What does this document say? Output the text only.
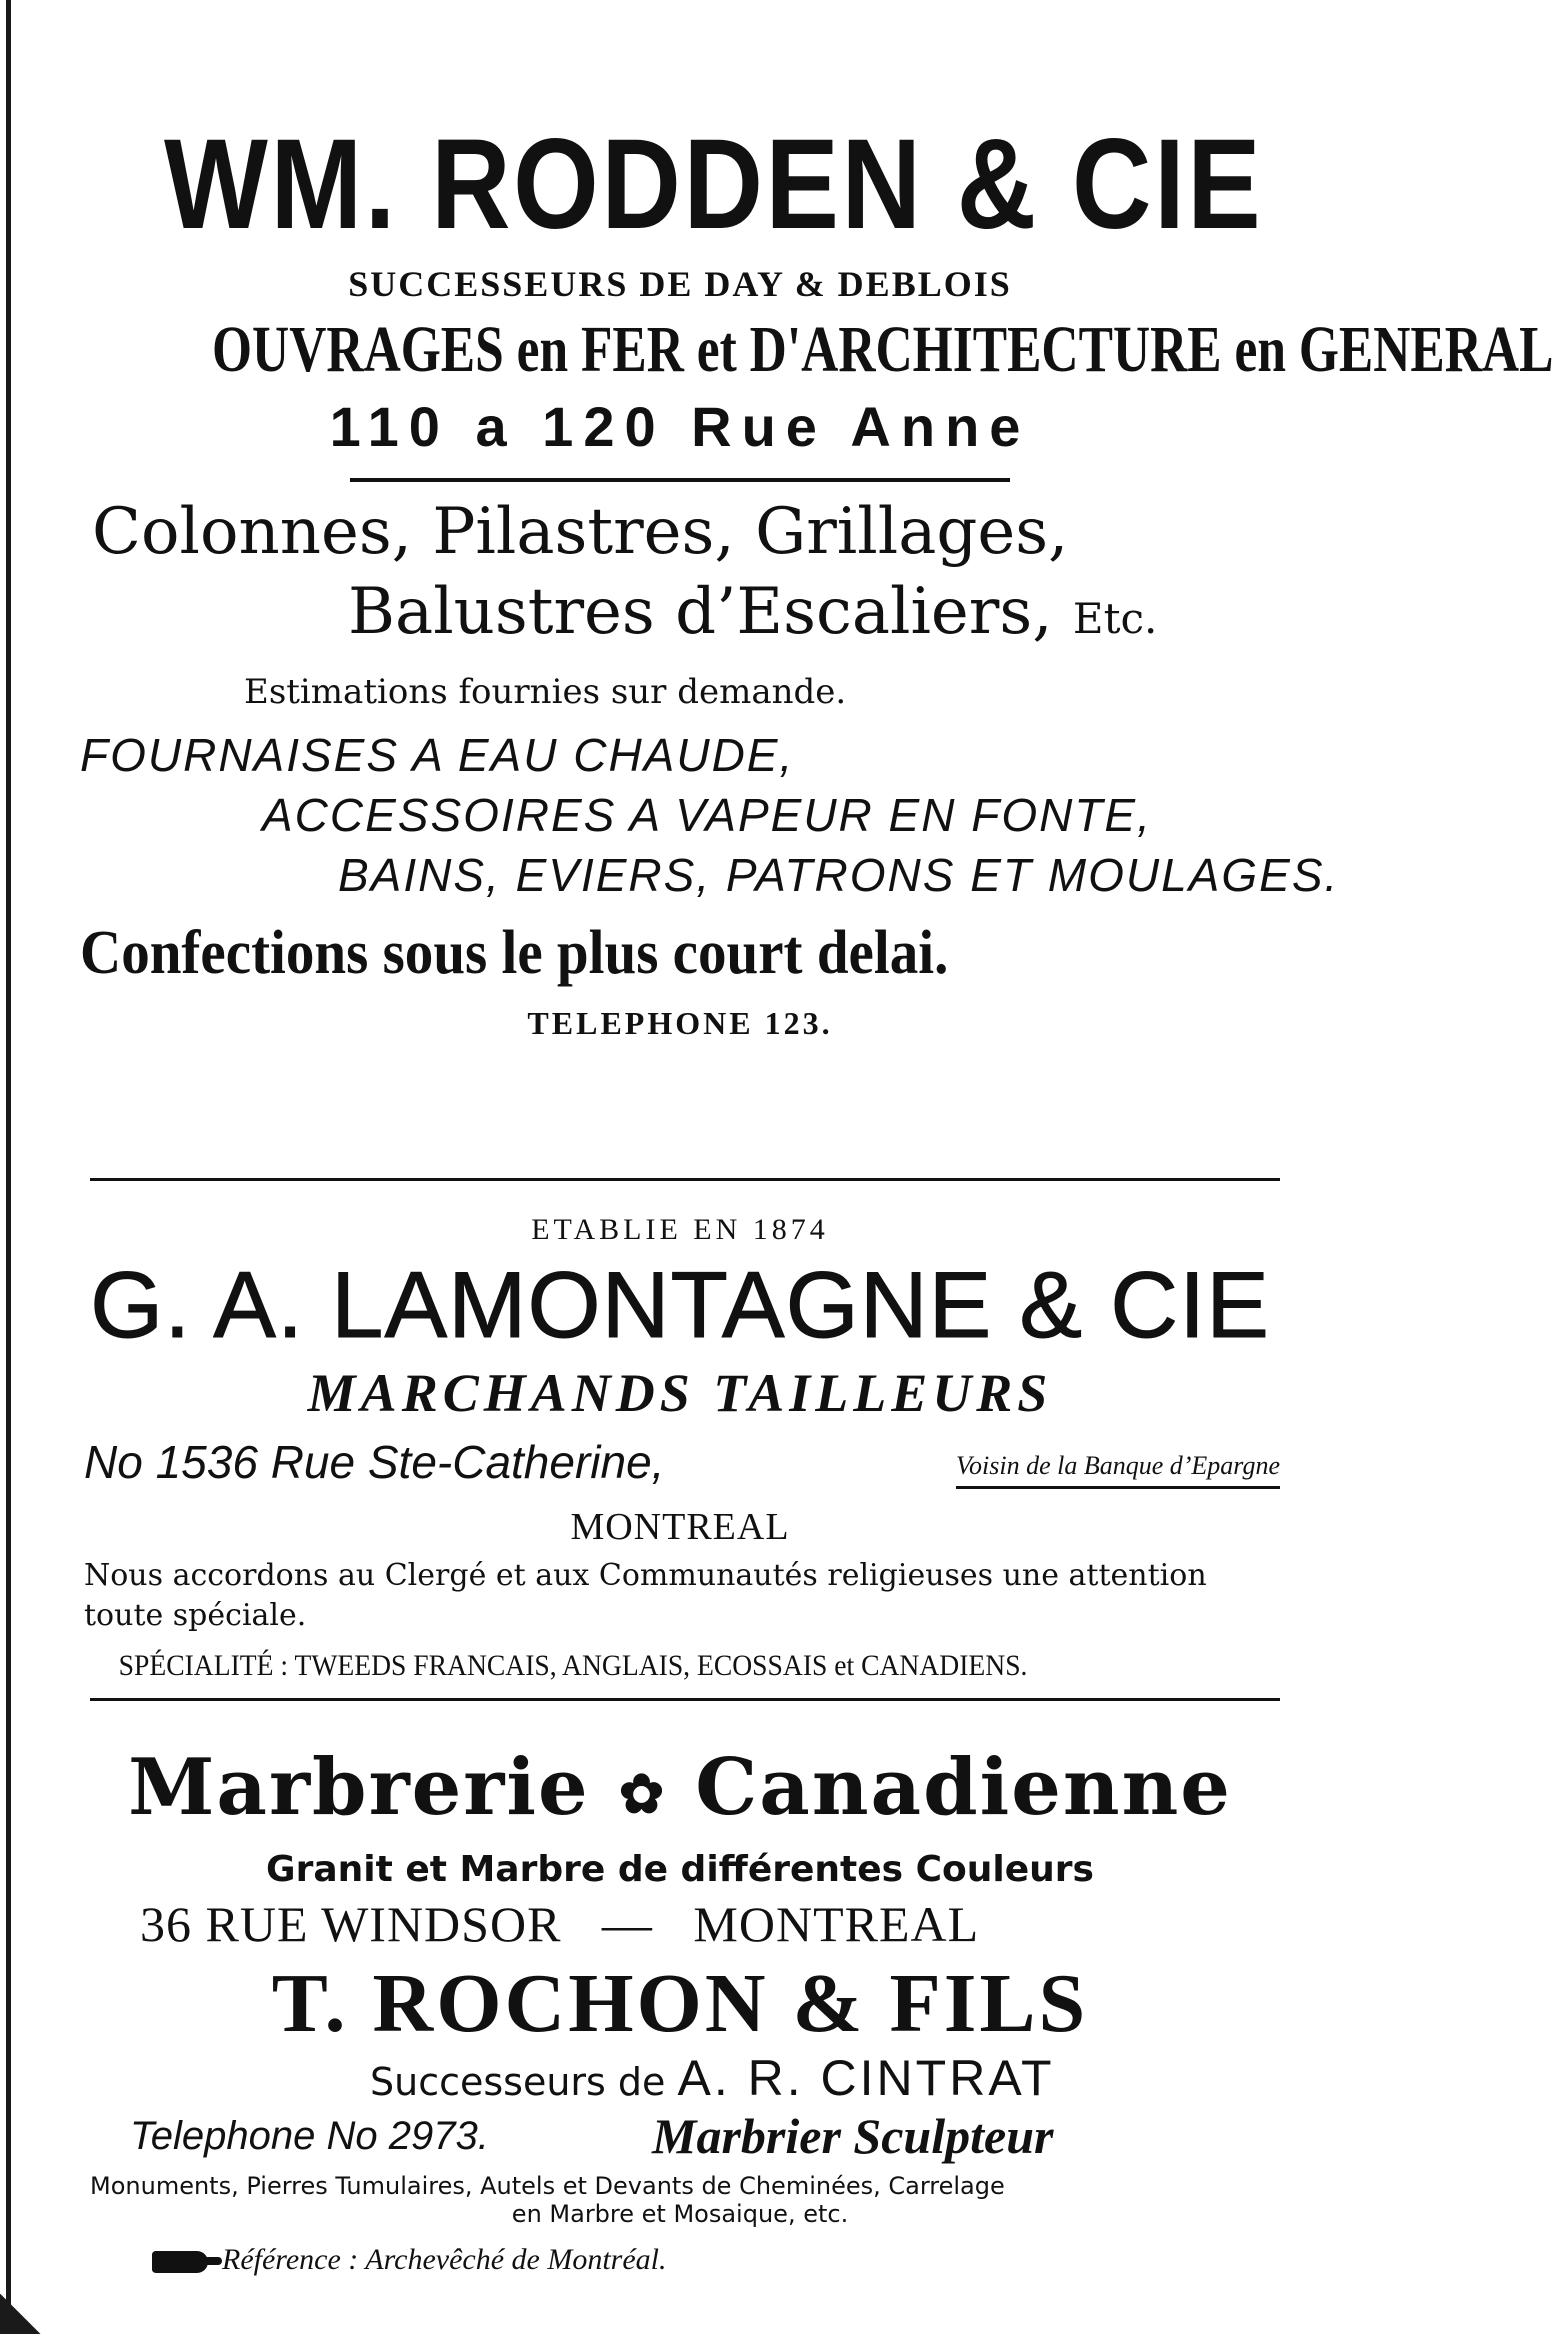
WM. RODDEN & CIE
SUCCESSEURS DE DAY & DEBLOIS
OUVRAGES en FER et D'ARCHITECTURE en GENERAL
110 a 120 Rue Anne
Colonnes, Pilastres, Grillages,
Balustres d’Escaliers, Etc.
Estimations fournies sur demande.
FOURNAISES A EAU CHAUDE,
ACCESSOIRES A VAPEUR EN FONTE,
BAINS, EVIERS, PATRONS ET MOULAGES.
Confections sous le plus court delai.
TELEPHONE 123.
ETABLIE EN 1874
G. A. LAMONTAGNE & CIE
MARCHANDS TAILLEURS
No 1536 Rue Ste-Catherine,	Voisin de la Banque d’Epargne
MONTREAL
Nous accordons au Clergé et aux Communautés religieuses une attention toute spéciale.
SPÉCIALITÉ : TWEEDS FRANCAIS, ANGLAIS, ECOSSAIS et CANADIENS.
Marbrerie ✿ Canadienne
Granit et Marbre de différentes Couleurs
36 RUE WINDSOR   —   MONTREAL
T. ROCHON & FILS
Successeurs de A. R. CINTRAT
Telephone No 2973.	Marbrier Sculpteur
Monuments, Pierres Tumulaires, Autels et Devants de Cheminées, Carrelage
en Marbre et Mosaique, etc.
Référence : Archevêché de Montréal.
